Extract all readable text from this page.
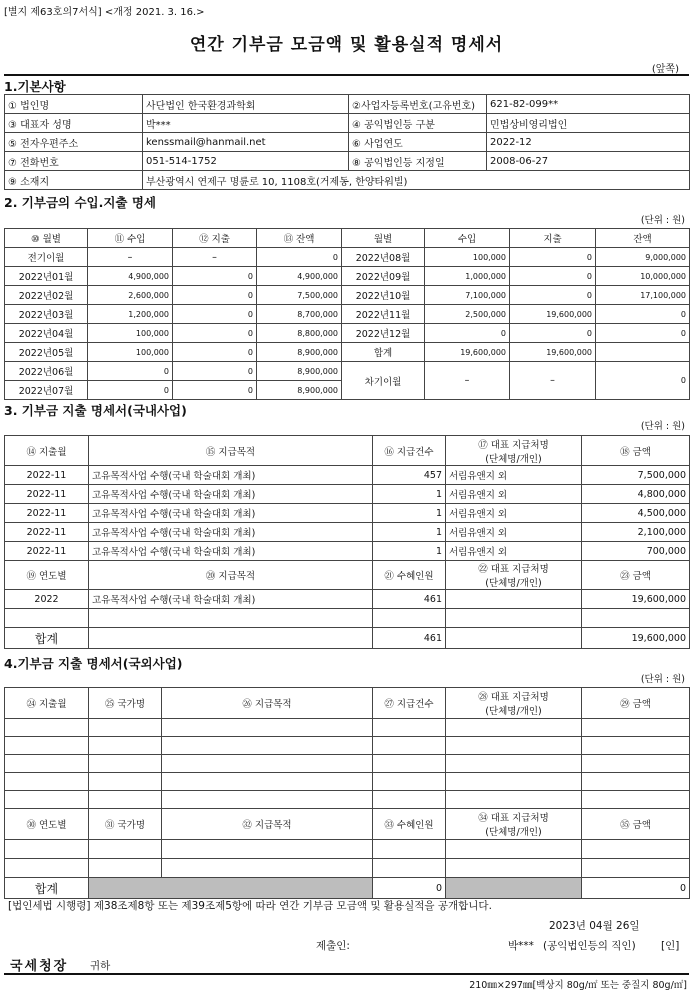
[별지 제63호의7서식] <개정 2021. 3. 16.>
연간 기부금 모금액 및 활용실적 명세서
(앞쪽)
1.기본사항
① 법인명	사단법인 한국환경과학회	②사업자등록번호(고유번호)	621-82-099**
③ 대표자 성명	박***	④ 공익법인등 구분	민법상비영리법인
⑤ 전자우편주소	kenssmail@hanmail.net	⑥ 사업연도	2022-12
⑦ 전화번호	051-514-1752	⑧ 공익법인등 지정일	2008-06-27
⑨ 소재지	부산광역시 연제구 명륜로 10, 1108호(거제동, 한양타워빌)		
2. 기부금의 수입.지출 명세
(단위 : 원)
⑩ 월별	⑪ 수입	⑫ 지출	⑬ 잔액	월별	수입	지출	잔액
전기이월	–	–	0	2022년08월	100,000	0	9,000,000
2022년01월	4,900,000	0	4,900,000	2022년09월	1,000,000	0	10,000,000
2022년02월	2,600,000	0	7,500,000	2022년10월	7,100,000	0	17,100,000
2022년03월	1,200,000	0	8,700,000	2022년11월	2,500,000	19,600,000	0
2022년04월	100,000	0	8,800,000	2022년12월	0	0	0
2022년05월	100,000	0	8,900,000	합계	19,600,000	19,600,000	
2022년06월	0	0	8,900,000	차기이월	–	–	0
2022년07월	0	0	8,900,000				
3. 기부금 지출 명세서(국내사업)
(단위 : 원)
⑭ 지출월	⑮ 지급목적	⑯ 지급건수	⑰ 대표 지급처명
(단체명/개인)	⑱ 금액
2022-11	고유목적사업 수행(국내 학술대회 개최)	457	서림유앤지 외	7,500,000
2022-11	고유목적사업 수행(국내 학술대회 개최)	1	서림유앤지 외	4,800,000
2022-11	고유목적사업 수행(국내 학술대회 개최)	1	서림유앤지 외	4,500,000
2022-11	고유목적사업 수행(국내 학술대회 개최)	1	서림유앤지 외	2,100,000
2022-11	고유목적사업 수행(국내 학술대회 개최)	1	서림유앤지 외	700,000
⑲ 연도별	⑳ 지급목적	㉑ 수혜인원	㉒ 대표 지급처명
(단체명/개인)	㉓ 금액
2022	고유목적사업 수행(국내 학술대회 개최)	461		19,600,000

합계		461		19,600,000
4.기부금 지출 명세서(국외사업)
(단위 : 원)
㉔ 지출월	㉕ 국가명	㉖ 지급목적	㉗ 지급건수	㉘ 대표 지급처명
(단체명/개인)	㉙ 금액

㉚ 연도별	㉛ 국가명	㉜ 지급목적	㉝ 수혜인원	㉞ 대표 지급처명
(단체명/개인)	㉟ 금액

합계			0		0
[법인세법 시행령] 제38조제8항 또는 제39조제5항에 따라 연간 기부금 모금액 및 활용실적을 공개합니다.
2023년 04월 26일
제출인:	박*** (공익법인등의 직인) [인]
국세청장 귀하
210㎜×297㎜[백상지 80g/㎡ 또는 중질지 80g/㎡]
